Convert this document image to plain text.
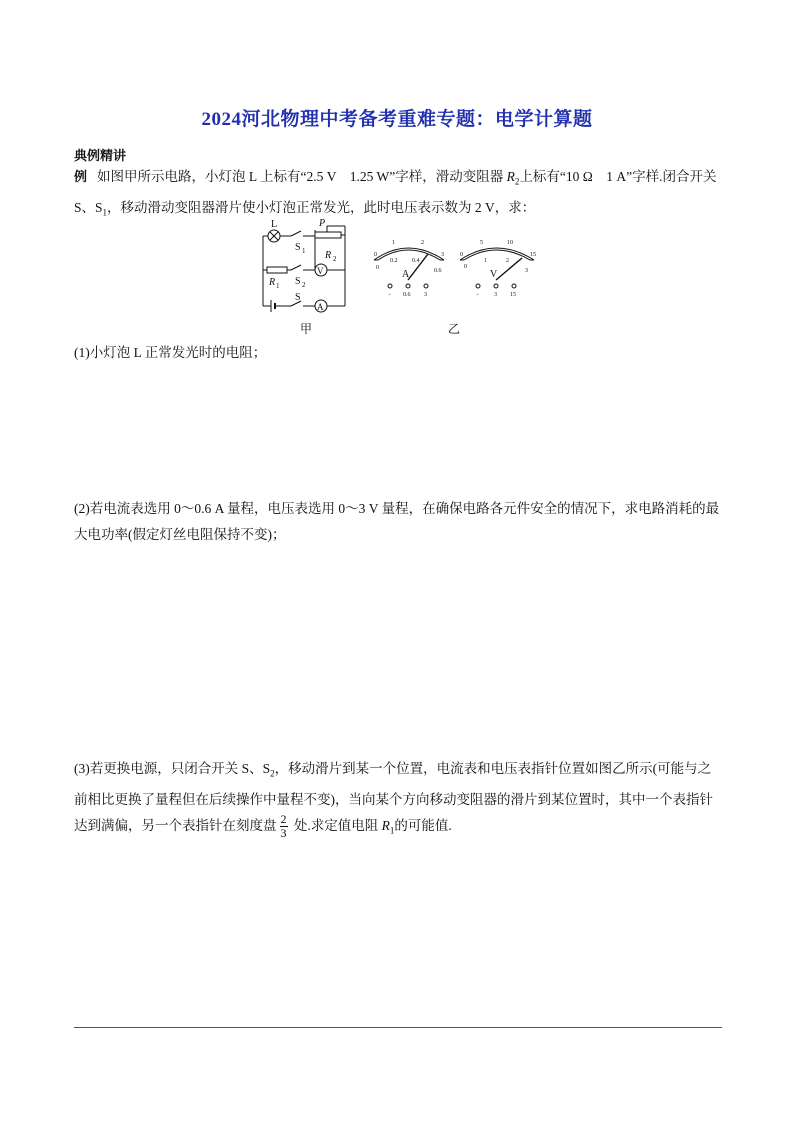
2024河北物理中考备考重难专题：电学计算题
典例精讲
例 如图甲所示电路，小灯泡 L 上标有“2.5 V　1.25 W”字样，滑动变阻器 $R_2$上标有“10 Ω　1 A”字样.闭合开关 S、$S_1$，移动滑动变阻器滑片使小灯泡正常发光，此时电压表示数为 2 V，求：
L
S 1
P
R 2
V
S 2
R 1
S
A
0
1	2
3
0
0.2 0.4
0.6
A
− 0.6 3
0
5	10
15
0
1	2
3
V
− 3 15
甲	乙
(1)小灯泡 L 正常发光时的电阻；
(2)若电流表选用 0～0.6 A 量程，电压表选用 0～3 V 量程，在确保电路各元件安全的情况下，求电路消耗的最大电功率(假定灯丝电阻保持不变)；
(3)若更换电源，只闭合开关 S、$S_2$，移动滑片到某一个位置，电流表和电压表指针位置如图乙所示(可能与之前相比更换了量程但在后续操作中量程不变)，当向某个方向移动变阻器的滑片到某位置时，其中一个表指针达到满偏，另一个表指针在刻度盘 $\frac{2}{3}$ 处.求定值电阻 $R_1$的可能值.
